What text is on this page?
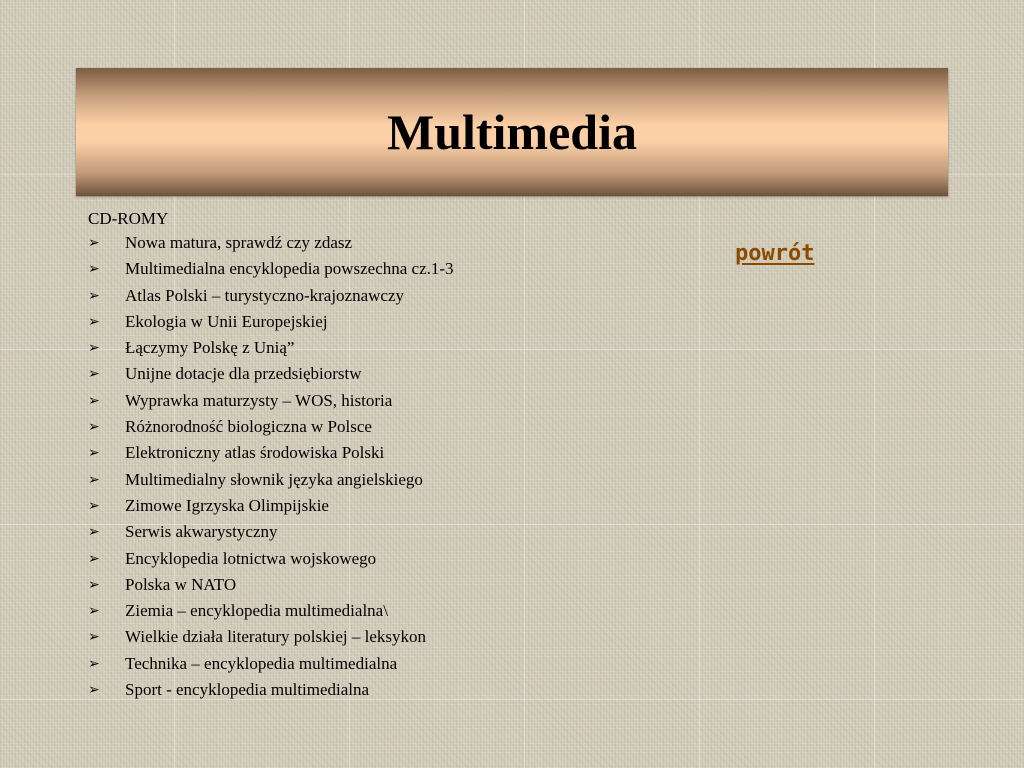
Multimedia

CD-ROMY

➢ Nowa matura, sprawdź czy zdasz
➢ Multimedialna encyklopedia powszechna cz.1-3
➢ Atlas Polski – turystyczno-krajoznawczy
➢ Ekologia w Unii Europejskiej
➢ Łączymy Polskę z Unią”
➢ Unijne dotacje dla przedsiębiorstw
➢ Wyprawka maturzysty – WOS, historia
➢ Różnorodność biologiczna w Polsce
➢ Elektroniczny atlas środowiska Polski
➢ Multimedialny słownik języka angielskiego
➢ Zimowe Igrzyska Olimpijskie
➢ Serwis akwarystyczny
➢ Encyklopedia lotnictwa wojskowego
➢ Polska w NATO
➢ Ziemia – encyklopedia multimedialna\
➢ Wielkie działa literatury polskiej – leksykon
➢ Technika – encyklopedia multimedialna
➢ Sport - encyklopedia multimedialna
powrót
